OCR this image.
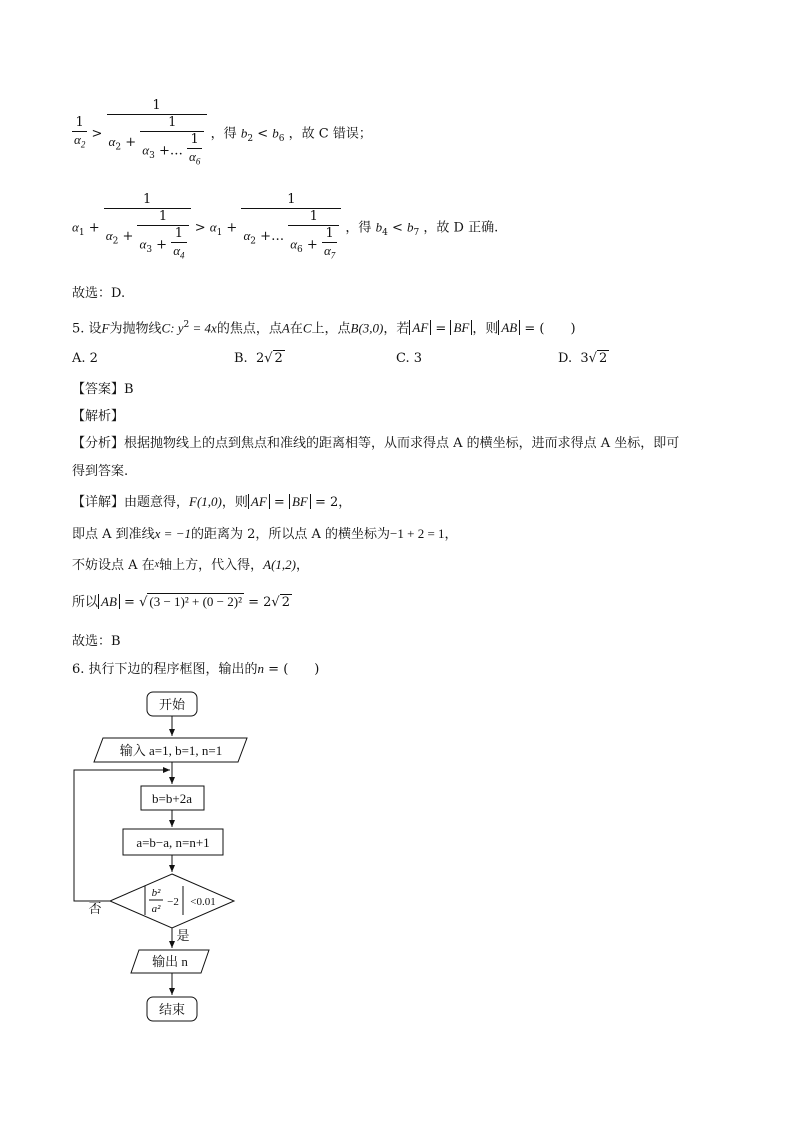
$\frac{1}{\alpha_2}$ >
1
$\alpha_2$ +
1
$\alpha_3$ +… $\frac{1}{\alpha_6}$ ，得 $b_2 < b_6$ ，故 C 错误；
$\alpha_1$ +
1
$\alpha_2 + \frac{1}{\alpha_3 + \frac{1}{\alpha_4}} > \alpha_1$ +
1
$\alpha_2$ +… $\frac{1}{\alpha_6 + \frac{1}{\alpha_7}}$ ，得 $b_4 < b_7$ ，故 D 正确.
故选：D.
5. 设F为抛物线C: $y^2 = 4x$的焦点，点A在C上，点B(3,0)，若 AF = BF ，则 AB = (　　)
A. 2	B. 2√ 2	C. 3	D. 3√ 2
【答案】B
【解析】
【分析】根据抛物线上的点到焦点和准线的距离相等，从而求得点 A 的横坐标，进而求得点 A 坐标，即可
得到答案.
【详解】由题意得，F(1,0)，则 AF = BF = 2，
即点 A 到准线x = −1的距离为 2，所以点 A 的横坐标为−1 + 2 = 1，
不妨设点 A 在$^x$轴上方，代入得，A(1,2)，
所以 AB = √ (3 − 1)² + (0 − 2)² = 2√ 2
故选：B
6. 执行下边的程序框图，输出的n = (　　)
开始
输入 a=1, b=1, n=1
b=b+2a
a=b−a, n=n+1
b²
a²
−2 <0.01
否
是
输出 n
结束
